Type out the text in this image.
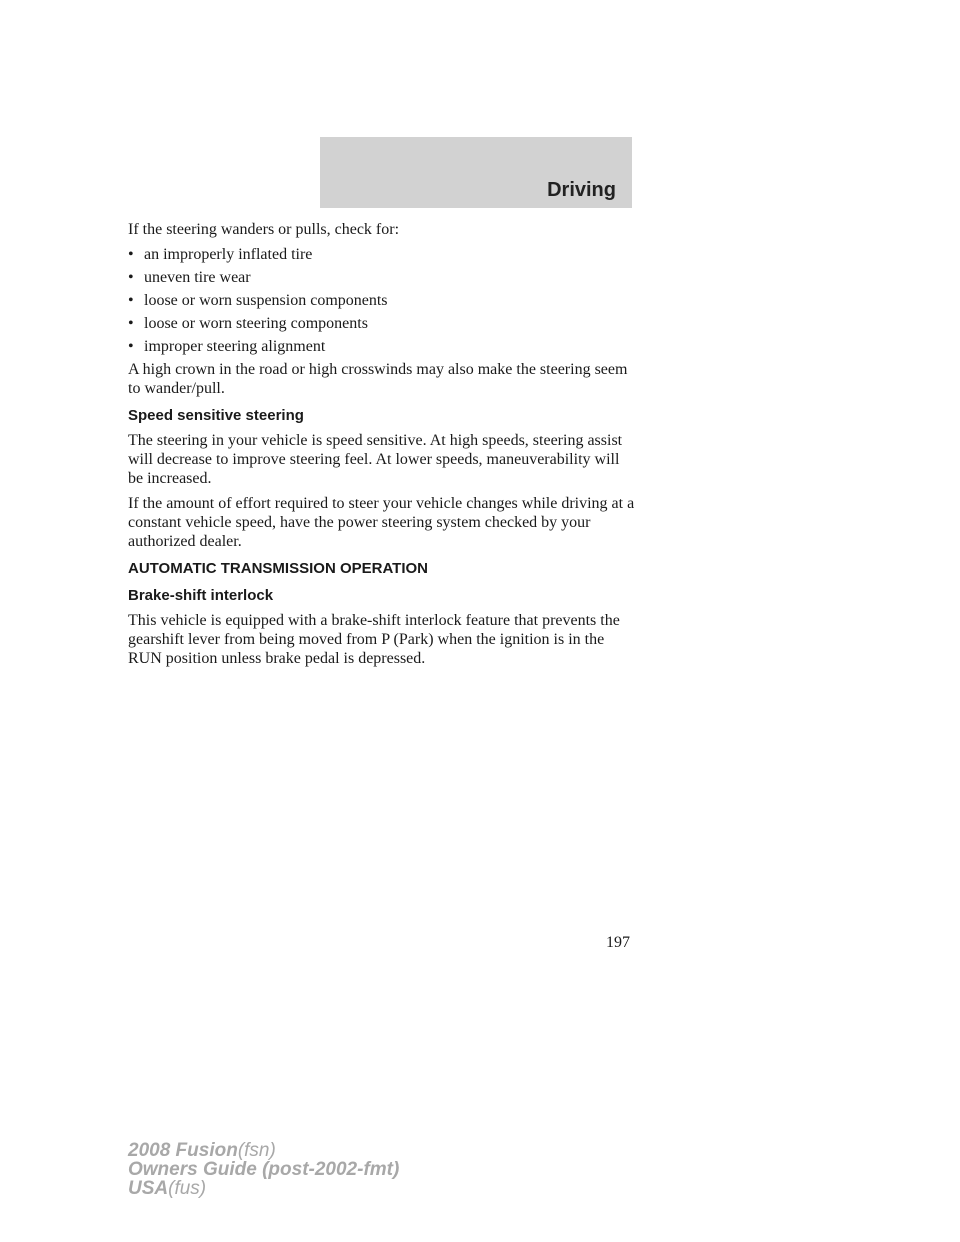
Driving

If the steering wanders or pulls, check for:

• an improperly inflated tire
• uneven tire wear
• loose or worn suspension components
• loose or worn steering components
• improper steering alignment

A high crown in the road or high crosswinds may also make the steering seem to wander/pull.

Speed sensitive steering

The steering in your vehicle is speed sensitive. At high speeds, steering assist will decrease to improve steering feel. At lower speeds, maneuverability will be increased.

If the amount of effort required to steer your vehicle changes while driving at a constant vehicle speed, have the power steering system checked by your authorized dealer.

AUTOMATIC TRANSMISSION OPERATION
Brake-shift interlock

This vehicle is equipped with a brake-shift interlock feature that prevents the gearshift lever from being moved from P (Park) when the ignition is in the RUN position unless brake pedal is depressed.

197
2008 Fusion(fsn)
Owners Guide (post-2002-fmt)
USA(fus)
